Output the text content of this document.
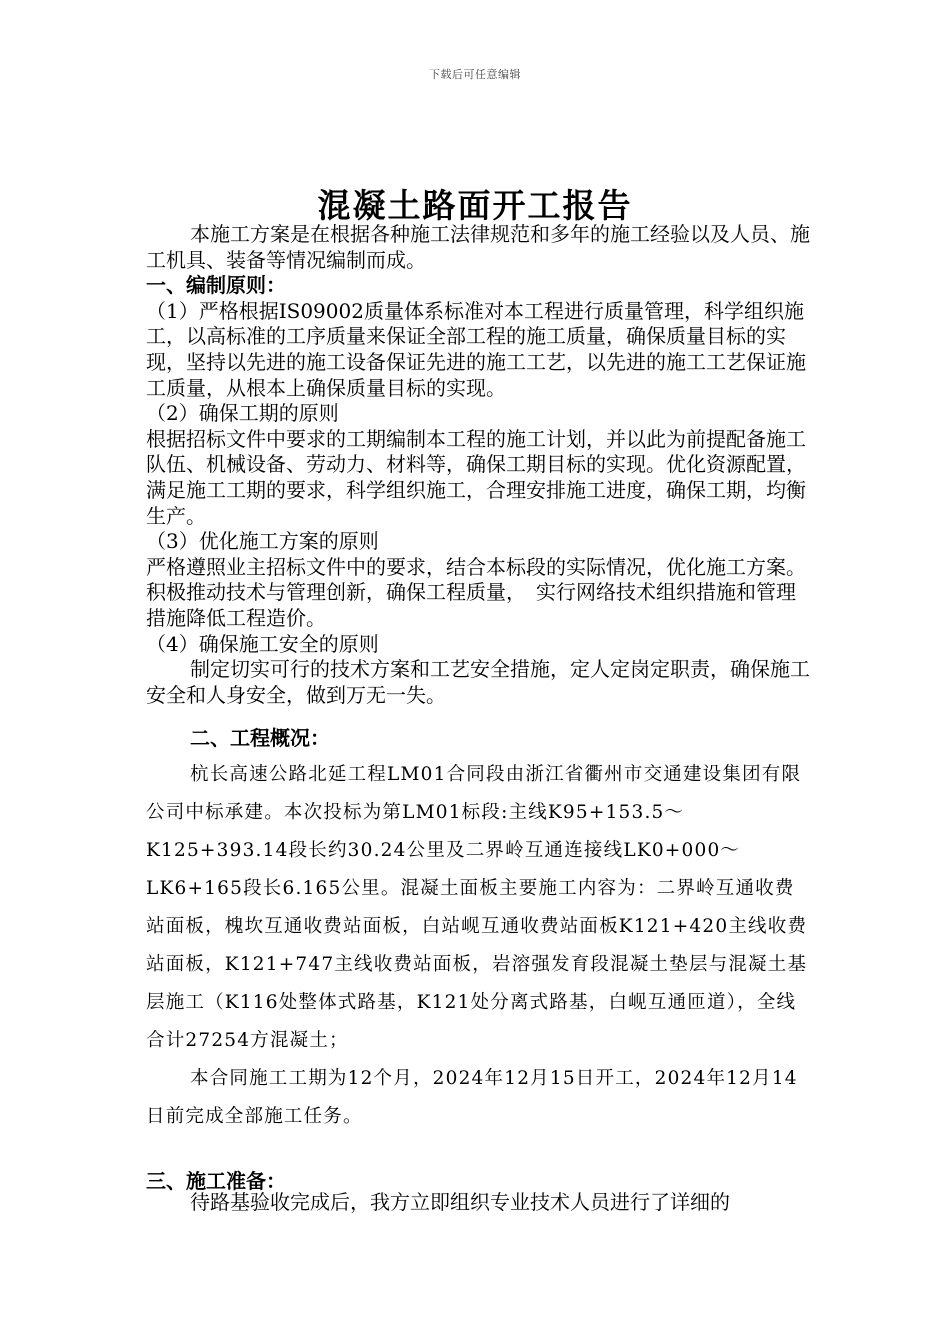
下载后可任意编辑
混凝土路面开工报告

本施工方案是在根据各种施工法律规范和多年的施工经验以及人员、施工机具、装备等情况编制而成。

一、编制原则：

（1）严格根据IS09002质量体系标准对本工程进行质量管理，科学组织施工，以高标准的工序质量来保证全部工程的施工质量，确保质量目标的实现，坚持以先进的施工设备保证先进的施工工艺，以先进的施工工艺保证施工质量，从根本上确保质量目标的实现。

（2）确保工期的原则

根据招标文件中要求的工期编制本工程的施工计划，并以此为前提配备施工队伍、机械设备、劳动力、材料等，确保工期目标的实现。优化资源配置，满足施工工期的要求，科学组织施工，合理安排施工进度，确保工期，均衡生产。

（3）优化施工方案的原则

严格遵照业主招标文件中的要求，结合本标段的实际情况，优化施工方案。积极推动技术与管理创新，确保工程质量，　实行网络技术组织措施和管理措施降低工程造价。

（4）确保施工安全的原则

制定切实可行的技术方案和工艺安全措施，定人定岗定职责，确保施工安全和人身安全，做到万无一失。

二、工程概况：

杭长高速公路北延工程LM01合同段由浙江省衢州市交通建设集团有限公司中标承建。本次投标为第LM01标段:主线K95+153.5～K125+393.14段长约30.24公里及二界岭互通连接线LK0+000～LK6+165段长6.165公里。混凝土面板主要施工内容为：二界岭互通收费站面板，槐坎互通收费站面板，白站岘互通收费站面板K121+420主线收费站面板，K121+747主线收费站面板，岩溶强发育段混凝土垫层与混凝土基层施工（K116处整体式路基，K121处分离式路基，白岘互通匝道），全线合计27254方混凝土；

本合同施工工期为12个月，2024年12月15日开工，2024年12月14日前完成全部施工任务。

三、施工准备：

待路基验收完成后，我方立即组织专业技术人员进行了详细的
